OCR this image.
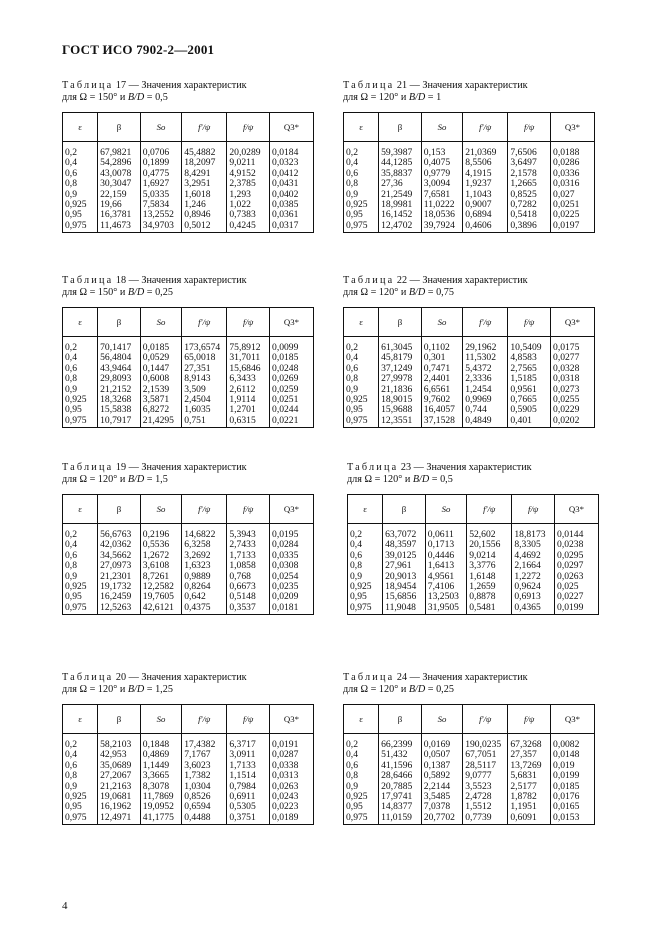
ГОСТ ИСО 7902-2—2001
Таблица 17 — Значения характеристик
для Ω = 150° и B/D = 0,5
ε	β	So	f′/ψ	f/ψ	Q3*
0,2	67,9821	0,0706	45,4882	20,0289	0,0184
0,4	54,2896	0,1899	18,2097	9,0211	0,0323
0,6	43,0078	0,4775	8,4291	4,9152	0,0412
0,8	30,3047	1,6927	3,2951	2,3785	0,0431
0,9	22,159	5,0335	1,6018	1,293	0,0402
0,925	19,66	7,5834	1,246	1,022	0,0385
0,95	16,3781	13,2552	0,8946	0,7383	0,0361
0,975	11,4673	34,9703	0,5012	0,4245	0,0317
Таблица 21 — Значения характеристик
для Ω = 120° и B/D = 1
ε	β	So	f′/ψ	f/ψ	Q3*
0,2	59,3987	0,153	21,0369	7,6506	0,0188
0,4	44,1285	0,4075	8,5506	3,6497	0,0286
0,6	35,8837	0,9779	4,1915	2,1578	0,0336
0,8	27,36	3,0094	1,9237	1,2665	0,0316
0,9	21,2549	7,6581	1,1043	0,8525	0,027
0,925	18,9981	11,0222	0,9007	0,7282	0,0251
0,95	16,1452	18,0536	0,6894	0,5418	0,0225
0,975	12,4702	39,7924	0,4606	0,3896	0,0197
Таблица 18 — Значения характеристик
для Ω = 150° и B/D = 0,25
ε	β	So	f′/ψ	f/ψ	Q3*
0,2	70,1417	0,0185	173,6574	75,8912	0,0099
0,4	56,4804	0,0529	65,0018	31,7011	0,0185
0,6	43,9464	0,1447	27,351	15,6846	0,0248
0,8	29,8093	0,6008	8,9143	6,3433	0,0269
0,9	21,2152	2,1539	3,509	2,6112	0,0259
0,925	18,3268	3,5871	2,4504	1,9114	0,0251
0,95	15,5838	6,8272	1,6035	1,2701	0,0244
0,975	10,7917	21,4295	0,751	0,6315	0,0221
Таблица 22 — Значения характеристик
для Ω = 120° и B/D = 0,75
ε	β	So	f′/ψ	f/ψ	Q3*
0,2	61,3045	0,1102	29,1962	10,5409	0,0175
0,4	45,8179	0,301	11,5302	4,8583	0,0277
0,6	37,1249	0,7471	5,4372	2,7565	0,0328
0,8	27,9978	2,4401	2,3336	1,5185	0,0318
0,9	21,1836	6,6561	1,2454	0,9561	0,0273
0,925	18,9015	9,7602	0,9969	0,7665	0,0255
0,95	15,9688	16,4057	0,744	0,5905	0,0229
0,975	12,3551	37,1528	0,4849	0,401	0,0202
Таблица 19 — Значения характеристик
для Ω = 120° и B/D = 1,5
ε	β	So	f′/ψ	f/ψ	Q3*
0,2	56,6763	0,2196	14,6822	5,3943	0,0195
0,4	42,0362	0,5536	6,3258	2,7433	0,0284
0,6	34,5662	1,2672	3,2692	1,7133	0,0335
0,8	27,0973	3,6108	1,6323	1,0858	0,0308
0,9	21,2301	8,7261	0,9889	0,768	0,0254
0,925	19,1732	12,2582	0,8264	0,6673	0,0235
0,95	16,2459	19,7605	0,642	0,5148	0,0209
0,975	12,5263	42,6121	0,4375	0,3537	0,0181
Таблица 23 — Значения характеристик
для Ω = 120° и B/D = 0,5
ε	β	So	f′/ψ	f/ψ	Q3*
0,2	63,7072	0,0611	52,602	18,8173	0,0144
0,4	48,3597	0,1713	20,1556	8,3305	0,0238
0,6	39,0125	0,4446	9,0214	4,4692	0,0295
0,8	27,961	1,6413	3,3776	2,1664	0,0297
0,9	20,9013	4,9561	1,6148	1,2272	0,0263
0,925	18,9454	7,4106	1,2659	0,9624	0,025
0,95	15,6856	13,2503	0,8878	0,6913	0,0227
0,975	11,9048	31,9505	0,5481	0,4365	0,0199
Таблица 20 — Значения характеристик
для Ω = 120° и B/D = 1,25
ε	β	So	f′/ψ	f/ψ	Q3*
0,2	58,2103	0,1848	17,4382	6,3717	0,0191
0,4	42,953	0,4869	7,1767	3,0911	0,0287
0,6	35,0689	1,1449	3,6023	1,7133	0,0338
0,8	27,2067	3,3665	1,7382	1,1514	0,0313
0,9	21,2163	8,3078	1,0304	0,7984	0,0263
0,925	19,0681	11,7869	0,8526	0,6911	0,0243
0,95	16,1962	19,0952	0,6594	0,5305	0,0223
0,975	12,4971	41,1775	0,4488	0,3751	0,0189
Таблица 24 — Значения характеристик
для Ω = 120° и B/D = 0,25
ε	β	So	f′/ψ	f/ψ	Q3*
0,2	66,2399	0,0169	190,0235	67,3268	0,0082
0,4	51,432	0,0507	67,7051	27,357	0,0148
0,6	41,1596	0,1387	28,5117	13,7269	0,019
0,8	28,6466	0,5892	9,0777	5,6831	0,0199
0,9	20,7885	2,2144	3,5523	2,5177	0,0185
0,925	17,9741	3,5485	2,4728	1,8782	0,0176
0,95	14,8377	7,0378	1,5512	1,1951	0,0165
0,975	11,0159	20,7702	0,7739	0,6091	0,0153
4
